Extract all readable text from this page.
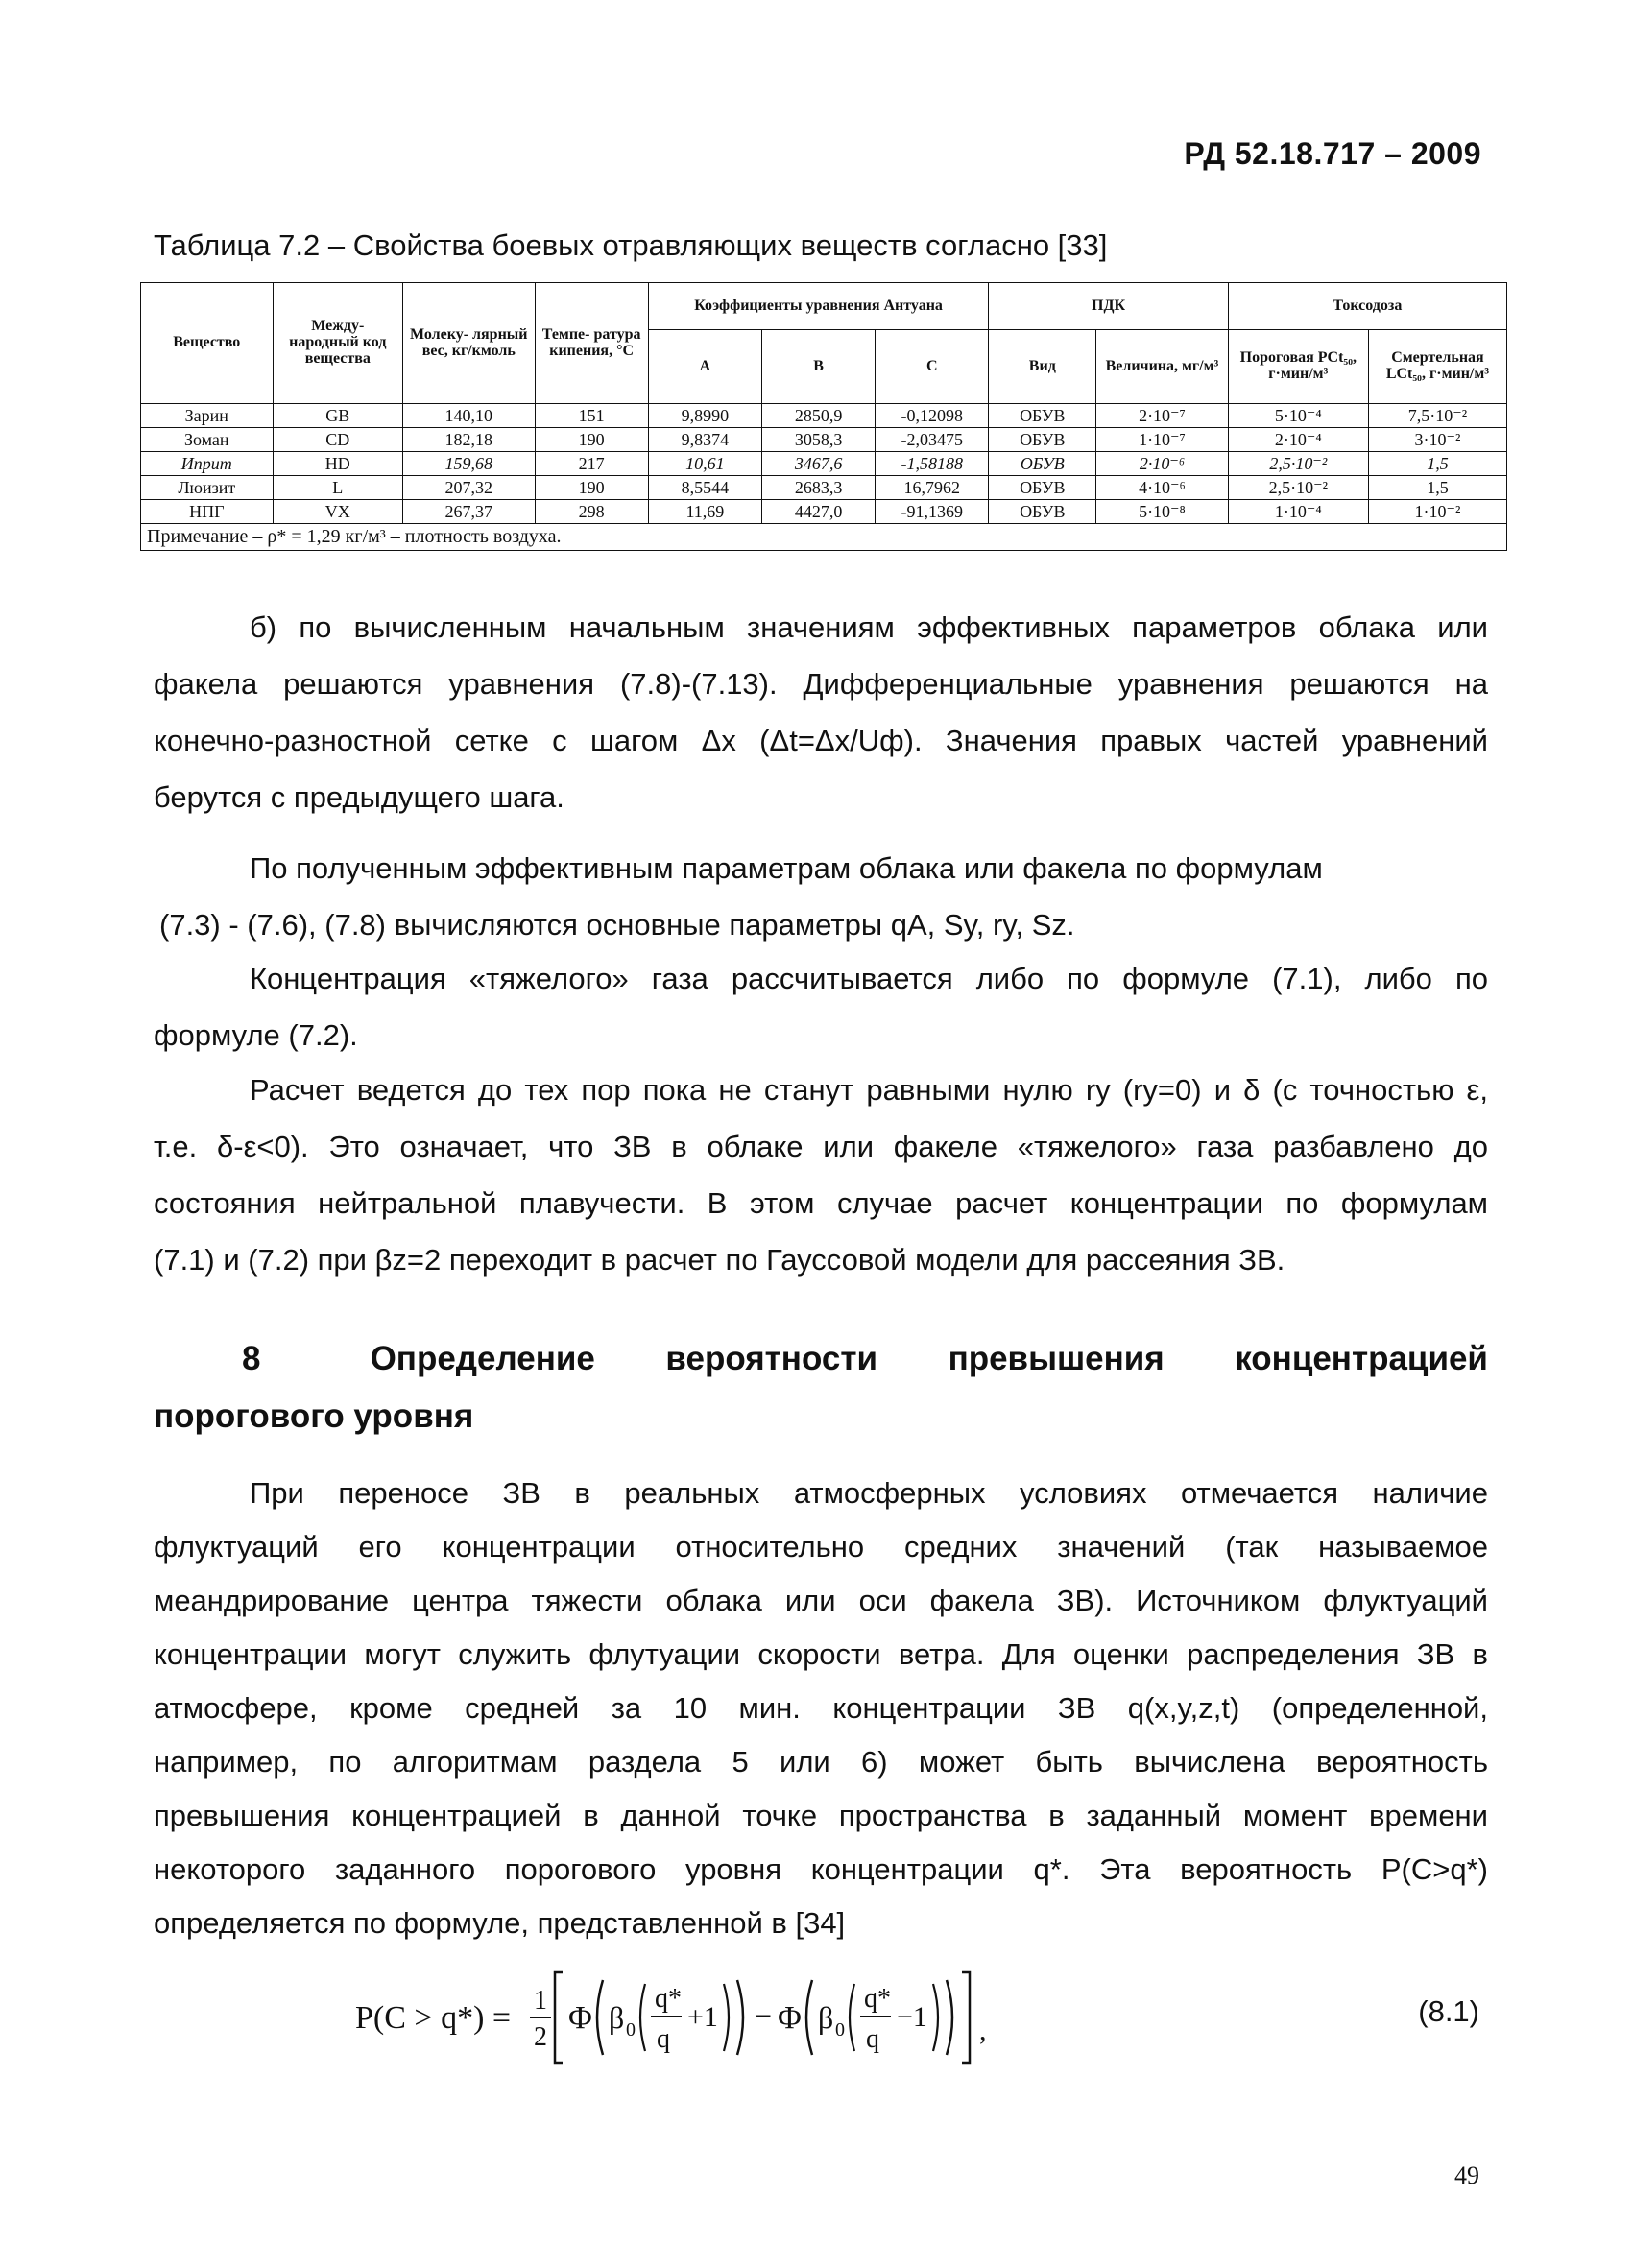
РД 52.18.717 – 2009
Таблица 7.2 – Свойства боевых отравляющих веществ согласно [33]
Вещество	Между- народный код вещества	Молеку- лярный вес, кг/кмоль	Темпе- ратура кипения, °С	Коэффициенты уравнения Антуана			ПДК		Токсодоза	
				А	В	С	Вид	Величина, мг/м³	Пороговая PCt₅₀, г·мин/м³	Смертельная LCt₅₀, г·мин/м³
Зарин	GB	140,10	151	9,8990	2850,9	-0,12098	ОБУВ	2·10⁻⁷	5·10⁻⁴	7,5·10⁻²
Зоман	CD	182,18	190	9,8374	3058,3	-2,03475	ОБУВ	1·10⁻⁷	2·10⁻⁴	3·10⁻²
Иприт	HD	159,68	217	10,61	3467,6	-1,58188	ОБУВ	2·10⁻⁶	2,5·10⁻²	1,5
Люизит	L	207,32	190	8,5544	2683,3	16,7962	ОБУВ	4·10⁻⁶	2,5·10⁻²	1,5
НПГ	VX	267,37	298	11,69	4427,0	-91,1369	ОБУВ	5·10⁻⁸	1·10⁻⁴	1·10⁻²
Примечание – ρ* = 1,29 кг/м³ – плотность воздуха.										
б) по вычисленным начальным значениям эффективных параметров облака или
факела решаются уравнения (7.8)-(7.13). Дифференциальные уравнения решаются на
конечно-разностной сетке с шагом Δx (Δt=Δx/Uф). Значения правых частей уравнений
берутся с предыдущего шага.
По полученным эффективным параметрам облака или факела по формулам
(7.3) - (7.6), (7.8) вычисляются основные параметры qA, Sy, ry, Sz.
Концентрация «тяжелого» газа рассчитывается либо по формуле (7.1), либо по
формуле (7.2).
Расчет ведется до тех пор пока не станут равными нулю ry (ry=0) и δ (с точностью ε,
т.е. δ-ε<0). Это означает, что ЗВ в облаке или факеле «тяжелого» газа разбавлено до
состояния нейтральной плавучести. В этом случае расчет концентрации по формулам
(7.1) и (7.2) при βz=2 переходит в расчет по Гауссовой модели для рассеяния ЗВ.
8	Определение вероятности превышения концентрацией
порогового уровня
При переносе ЗВ в реальных атмосферных условиях отмечается наличие
флуктуаций его концентрации относительно средних значений (так называемое
меандрирование центра тяжести облака или оси факела ЗВ). Источником флуктуаций
концентрации могут служить флутуации скорости ветра. Для оценки распределения ЗВ в
атмосфере, кроме средней за 10 мин. концентрации ЗВ q(x,y,z,t) (определенной,
например, по алгоритмам раздела 5 или 6) может быть вычислена вероятность
превышения концентрацией в данной точке пространства в заданный момент времени
некоторого заданного порогового уровня концентрации q*. Эта вероятность P(C>q*)
определяется по формуле, представленной в [34]
P(C > q*) = 1
2
Φ β 0
q*
q
+1 − Φ β 0
q*
q
−1 ,
(8.1)
49
